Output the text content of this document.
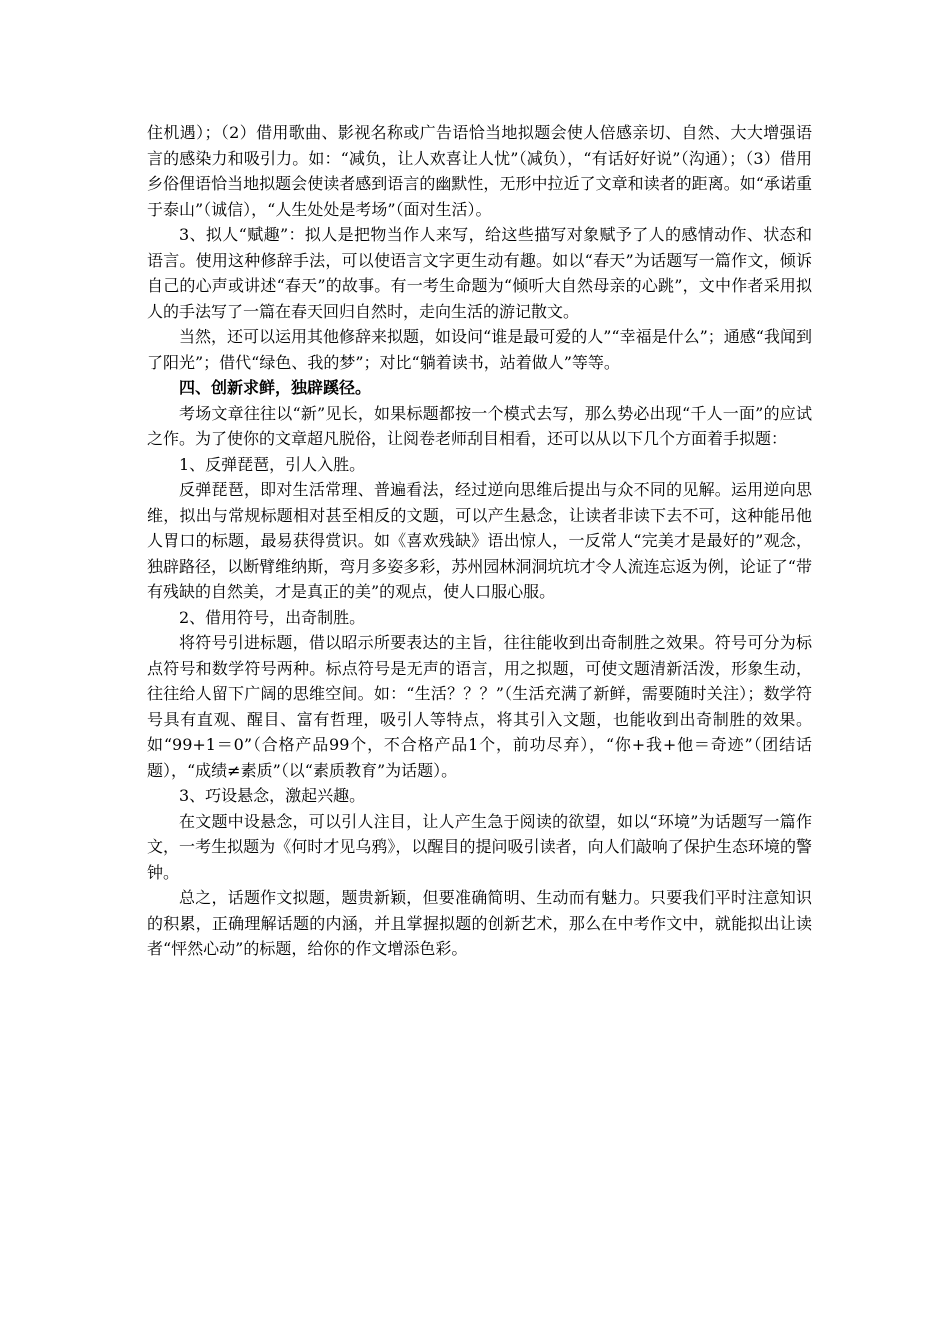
住机遇）；（2）借用歌曲、影视名称或广告语恰当地拟题会使人倍感亲切、自然、大大增强语言的感染力和吸引力。如：“减负，让人欢喜让人忧”（减负），“有话好好说”（沟通）；（3）借用乡俗俚语恰当地拟题会使读者感到语言的幽默性，无形中拉近了文章和读者的距离。如“承诺重于泰山”（诚信），“人生处处是考场”（面对生活）。

3、拟人“赋趣”：拟人是把物当作人来写，给这些描写对象赋予了人的感情动作、状态和语言。使用这种修辞手法，可以使语言文字更生动有趣。如以“春天”为话题写一篇作文，倾诉自己的心声或讲述“春天”的故事。有一考生命题为“倾听大自然母亲的心跳”，文中作者采用拟人的手法写了一篇在春天回归自然时，走向生活的游记散文。

当然，还可以运用其他修辞来拟题，如设问“谁是最可爱的人”“幸福是什么”；通感“我闻到了阳光”；借代“绿色、我的梦”；对比“躺着读书，站着做人”等等。

四、创新求鲜，独辟蹊径。

考场文章往往以“新”见长，如果标题都按一个模式去写，那么势必出现“千人一面”的应试之作。为了使你的文章超凡脱俗，让阅卷老师刮目相看，还可以从以下几个方面着手拟题：

1、反弹琵琶，引人入胜。

反弹琵琶，即对生活常理、普遍看法，经过逆向思维后提出与众不同的见解。运用逆向思维，拟出与常规标题相对甚至相反的文题，可以产生悬念，让读者非读下去不可，这种能吊他人胃口的标题，最易获得赏识。如《喜欢残缺》语出惊人，一反常人“完美才是最好的”观念，独辟路径，以断臂维纳斯，弯月多姿多彩，苏州园林洞洞坑坑才令人流连忘返为例，论证了“带有残缺的自然美，才是真正的美”的观点，使人口服心服。

2、借用符号，出奇制胜。

将符号引进标题，借以昭示所要表达的主旨，往往能收到出奇制胜之效果。符号可分为标点符号和数学符号两种。标点符号是无声的语言，用之拟题，可使文题清新活泼，形象生动，往往给人留下广阔的思维空间。如：“生活？？？”（生活充满了新鲜，需要随时关注）；数学符号具有直观、醒目、富有哲理，吸引人等特点，将其引入文题，也能收到出奇制胜的效果。如“99+1＝0”（合格产品99个，不合格产品1个，前功尽弃），“你+我+他＝奇迹”（团结话题），“成绩≠素质”（以“素质教育”为话题）。

3、巧设悬念，激起兴趣。

在文题中设悬念，可以引人注目，让人产生急于阅读的欲望，如以“环境”为话题写一篇作文，一考生拟题为《何时才见乌鸦》，以醒目的提问吸引读者，向人们敲响了保护生态环境的警钟。

总之，话题作文拟题，题贵新颖，但要准确简明、生动而有魅力。只要我们平时注意知识的积累，正确理解话题的内涵，并且掌握拟题的创新艺术，那么在中考作文中，就能拟出让读者“怦然心动”的标题，给你的作文增添色彩。
